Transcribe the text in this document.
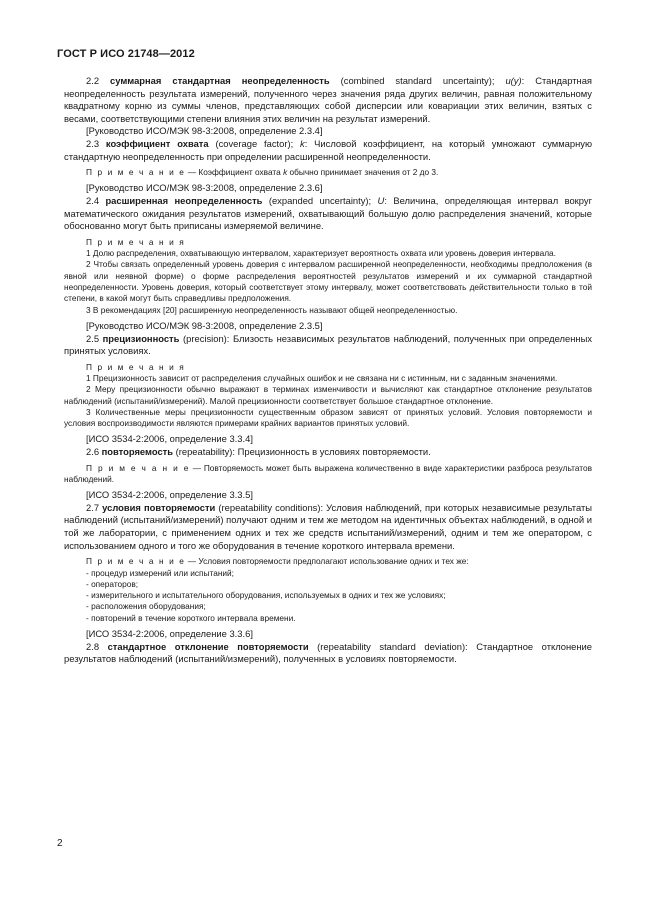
ГОСТ Р ИСО 21748—2012

2.2 суммарная стандартная неопределенность (combined standard uncertainty); u(y): Стандартная неопределенность результата измерений, полученного через значения ряда других величин, равная положительному квадратному корню из суммы членов, представляющих собой дисперсии или ковариации этих величин, взятых с весами, соответствующими степени влияния этих величин на результат измерений.

[Руководство ИСО/МЭК 98-3:2008, определение 2.3.4]

2.3 коэффициент охвата (coverage factor); k: Числовой коэффициент, на который умножают суммарную стандартную неопределенность при определении расширенной неопределенности.

П р и м е ч а н и е — Коэффициент охвата k обычно принимает значения от 2 до 3.

[Руководство ИСО/МЭК 98-3:2008, определение 2.3.6]

2.4 расширенная неопределенность (expanded uncertainty); U: Величина, определяющая интервал вокруг математического ожидания результатов измерений, охватывающий большую долю распределения значений, которые обоснованно могут быть приписаны измеряемой величине.

П р и м е ч а н и я

1 Долю распределения, охватывающую интервалом, характеризует вероятность охвата или уровень доверия интервала.

2 Чтобы связать определенный уровень доверия с интервалом расширенной неопределенности, необходимы предположения (в явной или неявной форме) о форме распределения вероятностей результатов измерений и их суммарной стандартной неопределенности. Уровень доверия, который соответствует этому интервалу, может соответствовать действительности только в той степени, в какой могут быть справедливы предположения.

3 В рекомендациях [20] расширенную неопределенность называют общей неопределенностью.

[Руководство ИСО/МЭК 98-3:2008, определение 2.3.5]

2.5 прецизионность (precision): Близость независимых результатов наблюдений, полученных при определенных принятых условиях.

П р и м е ч а н и я

1 Прецизионность зависит от распределения случайных ошибок и не связана ни с истинным, ни с заданным значениями.

2 Меру прецизионности обычно выражают в терминах изменчивости и вычисляют как стандартное отклонение результатов наблюдений (испытаний/измерений). Малой прецизионности соответствует большое стандартное отклонение.

3 Количественные меры прецизионности существенным образом зависят от принятых условий. Условия повторяемости и условия воспроизводимости являются примерами крайних вариантов принятых условий.

[ИСО 3534-2:2006, определение 3.3.4]

2.6 повторяемость (repeatability): Прецизионность в условиях повторяемости.

П р и м е ч а н и е — Повторяемость может быть выражена количественно в виде характеристики разброса результатов наблюдений.

[ИСО 3534-2:2006, определение 3.3.5]

2.7 условия повторяемости (repeatability conditions): Условия наблюдений, при которых независимые результаты наблюдений (испытаний/измерений) получают одним и тем же методом на идентичных объектах наблюдений, в одной и той же лаборатории, с применением одних и тех же средств испытаний/измерений, одним и тем же оператором, с использованием одного и того же оборудования в течение короткого интервала времени.

П р и м е ч а н и е — Условия повторяемости предполагают использование одних и тех же:

- процедур измерений или испытаний;

- операторов;

- измерительного и испытательного оборудования, используемых в одних и тех же условиях;

- расположения оборудования;

- повторений в течение короткого интервала времени.

[ИСО 3534-2:2006, определение 3.3.6]

2.8 стандартное отклонение повторяемости (repeatability standard deviation): Стандартное отклонение результатов наблюдений (испытаний/измерений), полученных в условиях повторяемости.

2
